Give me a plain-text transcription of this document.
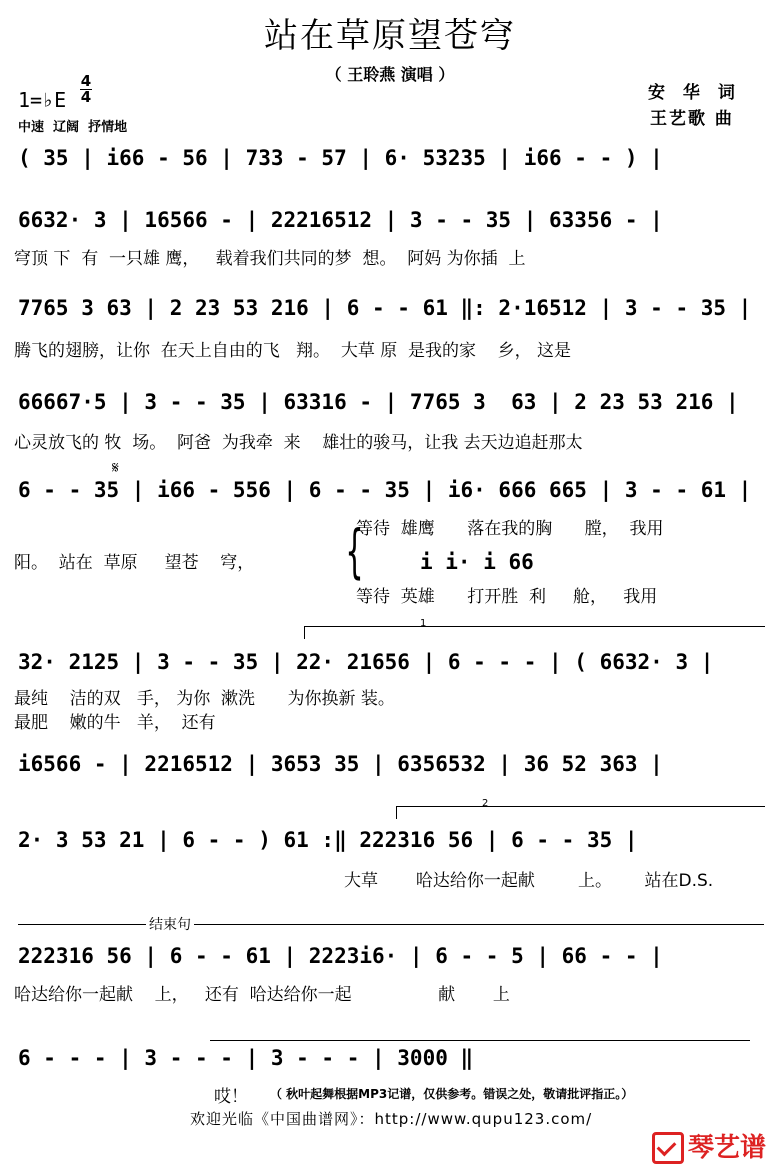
站在草原望苍穹
（ 王聆燕 演唱 ）
1=♭E
4
4
中速  辽阔  抒情地
安 华 词
王艺歌 曲
( 35 | i66 - 56 | 733 - 57 | 6· 53235 | i66 - - ) |
6632· 3 | 16566 - | 22216512 | 3 - - 35 | 63356 - |
穹顶 下  有  一只雄 鹰，   载着我们共同的梦  想。  阿妈 为你插  上
7765 3 63 | 2 23 53 216 | 6 - - 61 ‖: 2·16512 | 3 - - 35 |
腾飞的翅膀，让你  在天上自由的飞   翔。  大草 原  是我的家    乡， 这是
66667·5 | 3 - - 35 | 63316 - | 7765 3  63 | 2 23 53 216 |
心灵放飞的 牧  场。  阿爸  为我牵  来    雄壮的骏马，让我 去天边追赶那太
𝄋
6 - - 35 | i66 - 556 | 6 - - 35 | i6· 666 665 | 3 - - 61 |
等待  雄鹰      落在我的胸      膛，  我用
阳。  站在  草原     望苍    穹， {	i i· i 66
等待  英雄      打开胜  利     舱，   我用
1
32· 2125 | 3 - - 35 | 22· 21656 | 6 - - - | ( 6632· 3 |
最纯    洁的双   手， 为你  漱洗      为你换新 装。
最肥    嫩的牛   羊，  还有
i6566 - | 2216512 | 3653 35 | 6356532 | 36 52 363 |
2
2· 3 53 21 | 6 - - ) 61 :‖ 222316 56 | 6 - - 35 |
大草       哈达给你一起献        上。      站在D.S.
结束句
222316 56 | 6 - - 61 | 2223i6· | 6 - - 5 | 66 - - |
哈达给你一起献    上，   还有  哈达给你一起                献       上
6 - - - | 3 - - - | 3 - - - | 3000 ‖
哎！ （ 秋叶起舞根据MP3记谱，仅供参考。错误之处，敬请批评指正。）
欢迎光临《中国曲谱网》：http://www.qupu123.com/
琴艺谱
